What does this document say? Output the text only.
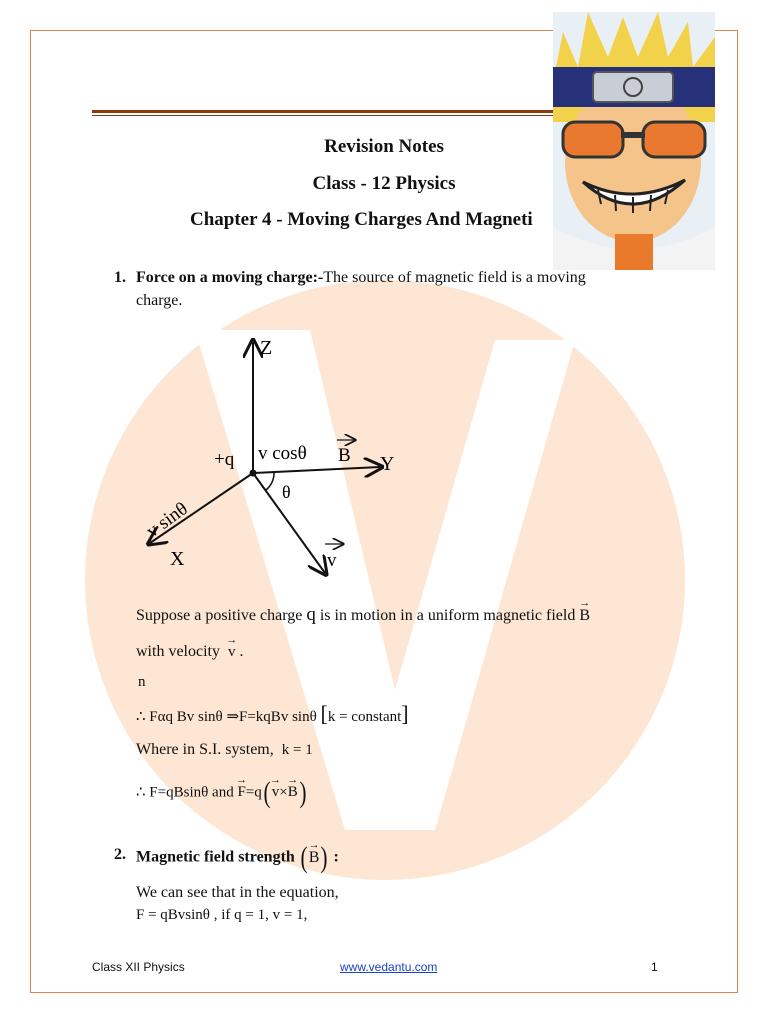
Revision Notes
Class - 12 Physics
Chapter 4 - Moving Charges And Magneti
1. Force on a moving charge:-The source of magnetic field is a moving
charge.
Z
Y
X
+q v cosθ B
θ
v sinθ
v
Suppose a positive charge q is in motion in a uniform magnetic field → B
with velocity → v .
n
∴ Fαq Bv sinθ ⇒F=kqBv sinθ [k = constant]
Where in S.I. system, k = 1
∴ F=qBsinθ and → F=q( → v×→ B)
2. Magnetic field strength (→ B) :
We can see that in the equation,
F = qBvsinθ , if q = 1, v = 1,
Class XII Physics	www.vedantu.com	1
